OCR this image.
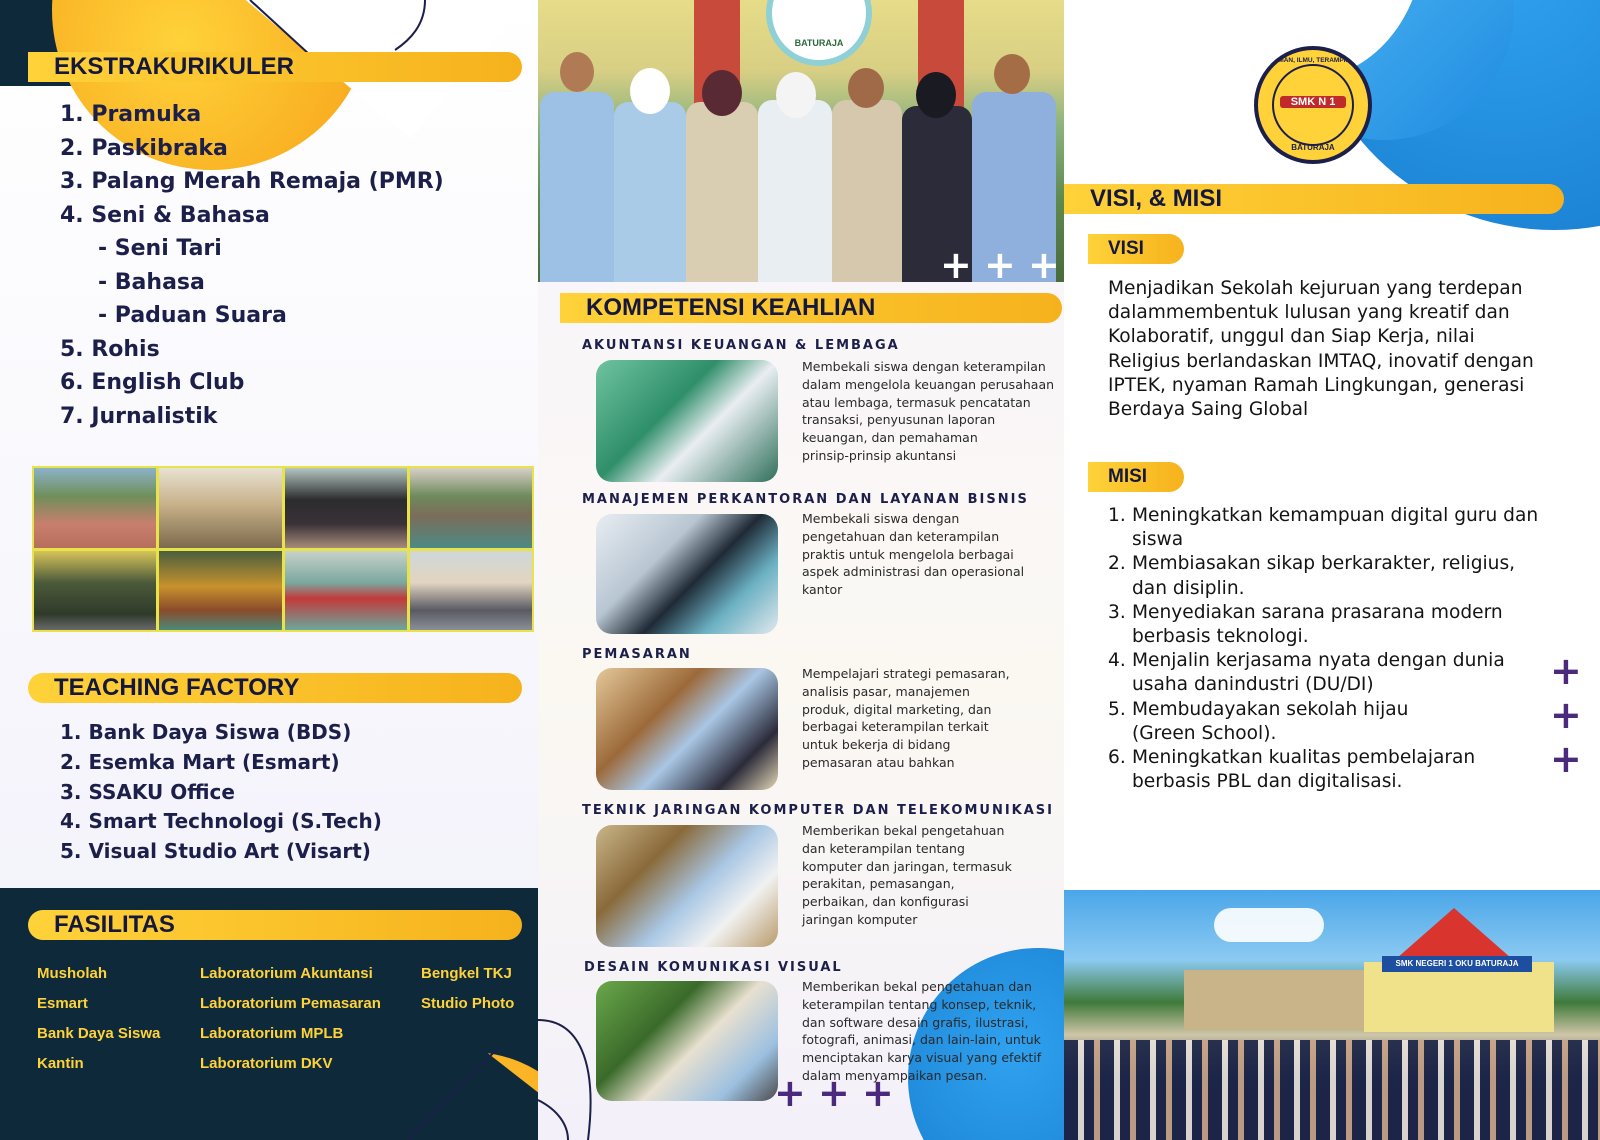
EKSTRAKURIKULER
1. Pramuka
2. Paskibraka
3. Palang Merah Remaja (PMR)
4. Seni & Bahasa
- Seni Tari
- Bahasa
- Paduan Suara
5. Rohis
6. English Club
7. Jurnalistik
TEACHING FACTORY
1. Bank Daya Siswa (BDS)
2. Esemka Mart (Esmart)
3. SSAKU Office
4. Smart Technologi (S.Tech)
5. Visual Studio Art (Visart)
FASILITAS
Musholah
Esmart
Bank Daya Siswa
Kantin
Laboratorium Akuntansi
Laboratorium Pemasaran
Laboratorium MPLB
Laboratorium DKV
Bengkel TKJ
Studio Photo
BATURAJA
+ + +
KOMPETENSI KEAHLIAN
AKUNTANSI KEUANGAN & LEMBAGA
Membekali siswa dengan keterampilan
dalam mengelola keuangan perusahaan
atau lembaga, termasuk pencatatan
transaksi, penyusunan laporan
keuangan, dan pemahaman
prinsip-prinsip akuntansi
MANAJEMEN PERKANTORAN DAN LAYANAN BISNIS
Membekali siswa dengan
pengetahuan dan keterampilan
praktis untuk mengelola berbagai
aspek administrasi dan operasional
kantor
PEMASARAN
Mempelajari strategi pemasaran,
analisis pasar, manajemen
produk, digital marketing, dan
berbagai keterampilan terkait
untuk bekerja di bidang
pemasaran atau bahkan
TEKNIK JARINGAN KOMPUTER DAN TELEKOMUNIKASI
Memberikan bekal pengetahuan
dan keterampilan tentang
komputer dan jaringan, termasuk
perakitan, pemasangan,
perbaikan, dan konfigurasi
jaringan komputer
DESAIN KOMUNIKASI VISUAL
Memberikan bekal pengetahuan dan
keterampilan tentang konsep, teknik,
dan software desain grafis, ilustrasi,
fotografi, animasi, dan lain-lain, untuk
menciptakan karya visual yang efektif
dalam menyampaikan pesan.
+ + +
IMAN, ILMU, TERAMPIL
SMK N 1
BATURAJA
VISI, & MISI
VISI
Menjadikan Sekolah kejuruan yang terdepan
dalammembentuk lulusan yang kreatif dan
Kolaboratif, unggul dan Siap Kerja, nilai
Religius berlandaskan IMTAQ, inovatif dengan
IPTEK, nyaman Ramah Lingkungan, generasi
Berdaya Saing Global
MISI
1. Meningkatkan kemampuan digital guru dan
siswa
2. Membiasakan sikap berkarakter, religius,
dan disiplin.
3. Menyediakan sarana prasarana modern
berbasis teknologi.
4. Menjalin kerjasama nyata dengan dunia
usaha danindustri (DU/DI)
5. Membudayakan sekolah hijau
(Green School).
6. Meningkatkan kualitas pembelajaran
berbasis PBL dan digitalisasi.
+
+
+
SMK NEGERI 1 OKU BATURAJA
